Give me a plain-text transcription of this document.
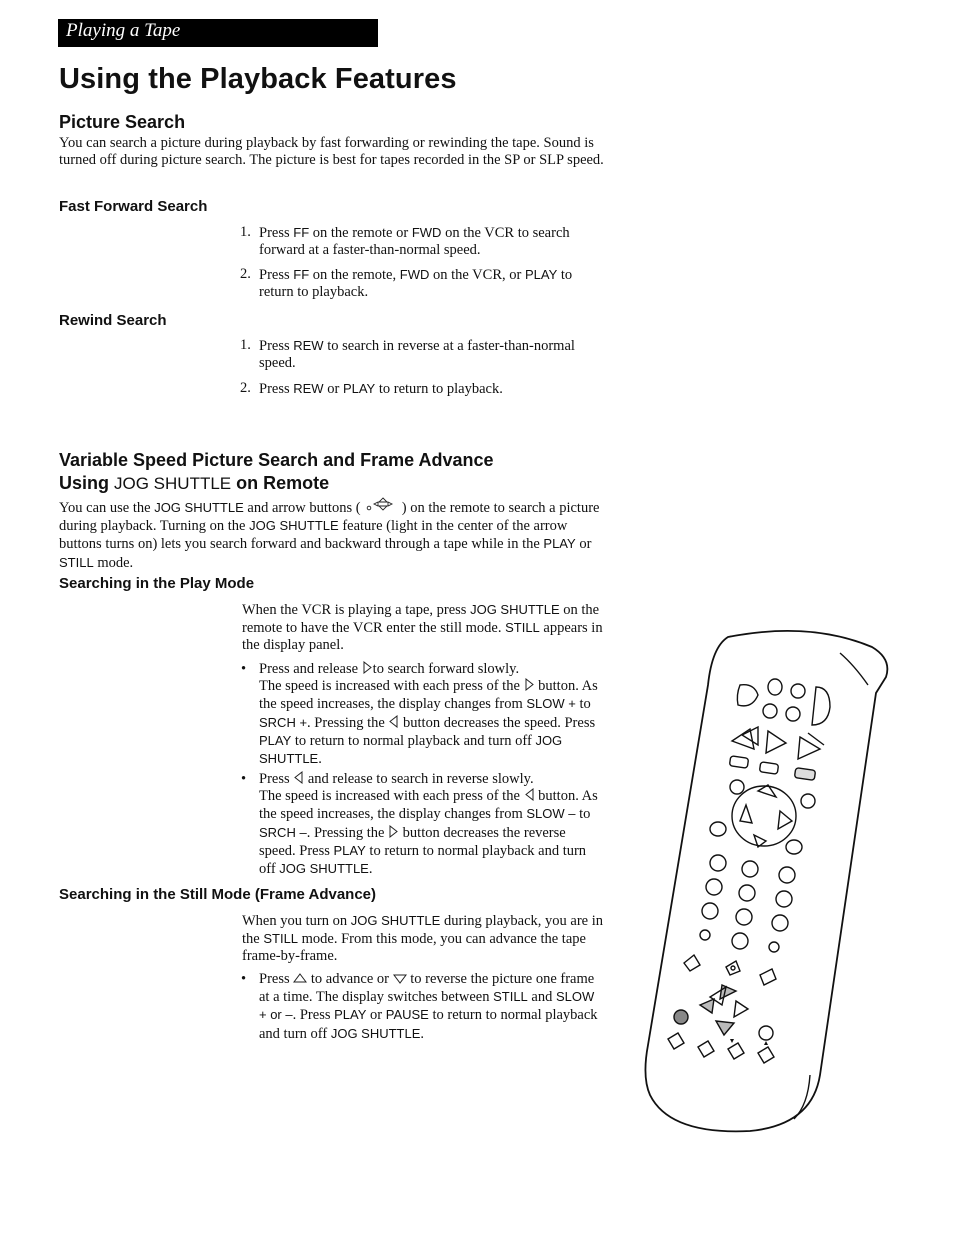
Playing a Tape
Using the Playback Features
Picture Search

You can search a picture during playback by fast forwarding or rewinding the tape. Sound is turned off during picture search. The picture is best for tapes recorded in the SP or SLP speed.

Fast Forward Search
1. Press FF on the remote or FWD on the VCR to search forward at a faster-than-normal speed.
2. Press FF on the remote, FWD on the VCR, or PLAY to return to playback.
Rewind Search
1. Press REW to search in reverse at a faster-than-normal speed.
2. Press REW or PLAY to return to playback.
Variable Speed Picture Search and Frame Advance
Using JOG SHUTTLE on Remote

You can use the JOG SHUTTLE and arrow buttons (	) on the remote to search a picture during playback. Turning on the JOG SHUTTLE feature (light in the center of the arrow buttons turns on) lets you search forward and backward through a tape while in the PLAY or STILL mode.

Searching in the Play Mode

When the VCR is playing a tape, press JOG SHUTTLE on the remote to have the VCR enter the still mode. STILL appears in the display panel.

• Press and release to search forward slowly.
The speed is increased with each press of the  button. As the speed increases, the display changes from SLOW + to SRCH +. Pressing the  button decreases the speed. Press PLAY to return to normal playback and turn off JOG SHUTTLE.
• Press  and release to search in reverse slowly.
The speed is increased with each press of the  button. As the speed increases, the display changes from SLOW – to SRCH –. Pressing the  button decreases the reverse speed. Press PLAY to return to normal playback and turn off JOG SHUTTLE.
Searching in the Still Mode (Frame Advance)

When you turn on JOG SHUTTLE during playback, you are in the STILL mode. From this mode, you can advance the tape frame-by-frame.

• Press  to advance or  to reverse the picture one frame at a time. The display switches between STILL and SLOW + or –. Press PLAY or PAUSE to return to normal playback and turn off JOG SHUTTLE.
